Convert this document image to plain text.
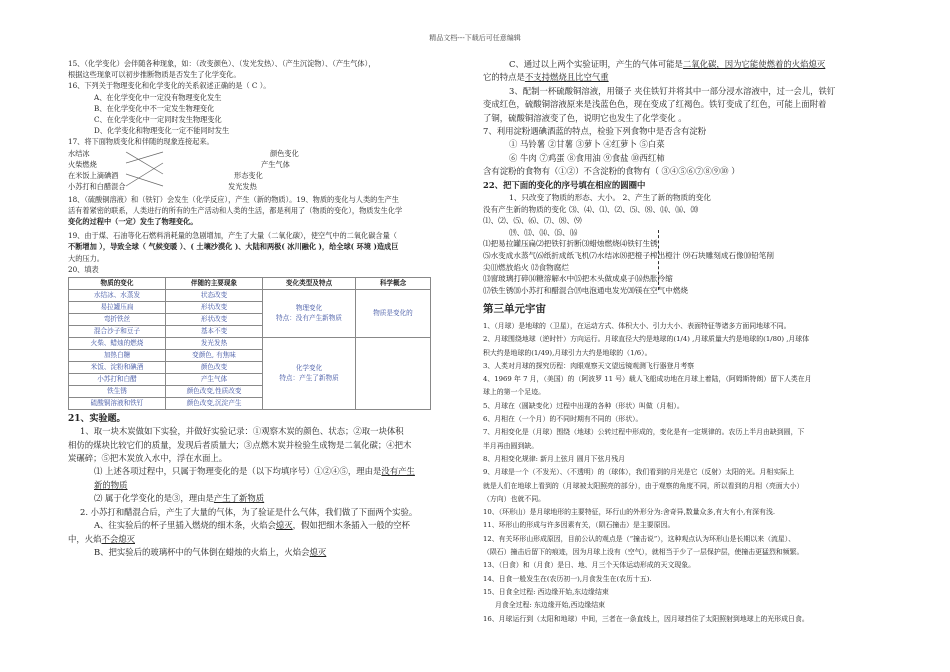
精品文档---下载后可任意编辑
15、（化学变化）会伴随各种现象，如：（改变颜色）、（发光发热）、（产生沉淀物）、（产生气体），
根据这些现象可以初步推断物质是否发生了化学变化。
16、下列关于物理变化和化学变化的关系叙述正确的是（ C ）。
A、在化学变化中一定没有物理变化发生
B、在化学变化中不一定发生物理变化
C、在化学变化中一定同时发生物理变化
D、化学变化和物理变化一定不能同时发生
17、将下面物质变化和伴随的现象连接起来。
水结冰
火柴燃烧
在米饭上滴碘酒
小苏打和白醋混合
颜色变化
产生气体
形态变化
发光发热
18、（硫酸铜溶液）和（铁钉）会发生（化学反应），产生（新的物质）。19、物质的变化与人类的生产生
活有着紧密的联系，人类进行的所有的生产活动和人类的生活，都是利用了（物质的变化），物质发生化学
变化的过程中（一定）发生了物理变化。
19、由于煤、石油等化石燃料消耗量的急剧增加，产生了大量（二氧化碳），使空气中的二氧化碳含量（
不断增加 ），导致全球（ 气候变暖 ）、( 土壤沙漠化 )、大陆和两极( 冰川融化 )，给全球( 环境 )造成巨
大的压力。
20、填表
物质的变化	伴随的主要现象	变化类型及特点	科学概念
水结冰、水蒸发	状态改变	物理变化
特点：没有产生新物质	物质是变化的
易拉罐压扁	形状改变		
弯折铁丝	形状改变		
混合沙子和豆子	基本不变		
火柴、蜡烛的燃烧	发光发热	化学变化
特点：产生了新物质	

加热白糖	变颜色, 有焦味		
米饭、淀粉和碘酒	颜色改变		
小苏打和白醋	产生气体		
铁生锈	颜色改变,性质改变		
硫酸铜溶液和铁钉	颜色改变,沉淀产生		
21、实验题。
1、取一块木炭做如下实验，并做好实验记录：①观察木炭的颜色、状态；②取一块体积
相仿的煤块比较它们的质量，发现后者质量大；③点燃木炭并检验生成物是二氧化碳；④把木
炭碾碎；⑤把木炭放入水中，浮在水面上。
⑴ 上述各项过程中，只属于物理变化的是（以下均填序号）①②④⑤，理由是没有产生
新的物质
⑵ 属于化学变化的是③，理由是产生了新物质
2. 小苏打和醋混合后，产生了大量的气体，为了验证是什么气体，我们做了下面两个实验。
A、往实验后的杯子里插入燃烧的细木条，火焰会熄灭，假如把细木条插入一般的空杯
中，火焰不会熄灭
B、把实验后的玻璃杯中的气体倒在蜡烛的火焰上，火焰会熄灭
C、通过以上两个实验证明，产生的气体可能是二氧化碳，因为它能使燃着的火焰熄灭
它的特点是不支持燃烧且比空气重
3、配制一杯硫酸铜溶液，用镊子 夹住铁钉并将其中一部分浸水溶液中，过一会儿，铁钉
变成红色，硫酸铜溶液原来是浅蓝色色，现在变成了红褐色。铁钉变成了红色，可能上面附着
了铜，硫酸铜溶液变了色，说明它也发生了化学变化 。
7、利用淀粉遇碘酒蓝的特点，检验下列食物中是否含有淀粉
① 马铃薯 ②甘薯 ③萝卜 ④红萝卜 ⑤白菜
⑥ 牛肉 ⑦鸡蛋 ⑧食用油 ⑨食盐 ⑩西红柿
含有淀粉的食物有（①②）不含淀粉的食物有（ ③④⑤⑥⑦⑧⑨⑩ ）
22、把下面的变化的序号填在相应的圆圈中
1、只改变了物质的形态、大小。 2、产生了新的物质的变化
没有产生新的物质的变化 ⑶、⑷、⑴、⑵、⑸、⑻、⒁、⒃、⒇
⑴、⑵、⑸、⑹、⑺、⑻、⑼
⒆、⒀、⒁、⒂、⒃
⑴把易拉罐压扁⑵把铁钉折断⑶蜡烛燃烧⑷铁钉生锈
⑸水变成水蒸气⑹纸折成纸飞机⑺水结冰⑻把橙子榨出橙汁 ⑼石块雕刻成石像⑽铅笔削
尖⑾燃放焰火 ⑿食物腐烂
⒀窗玻璃打碎⒁糖溶解水中⒂把木头做成桌子⒃热胀冷缩
⒄铁生锈⒅小苏打和醋混合⒆电泡通电发光⒇镁在空气中燃烧
第三单元宇宙
1、（月球）是地球的（卫星），在运动方式、体积大小、引力大小、表面特征等诸多方面同地球不同。
2、月球围绕地球（逆时针）方向运行。月球直径大约是地球的(1/4) ,月球质量大约是地球的(1/80) ,月球体
积大约是地球的(1/49),月球引力大约是地球的（1/6）。
3、人类对月球的探究历程：肉眼观察天文望远镜观测飞行器登月考察
4、1969 年 7 月，（美国）的（阿波罗 11 号）载人飞船成功地在月球上着陆，（阿姆斯特朗）留下人类在月
球上的第一个足迹。
5、月球在（圆缺变化）过程中出现的各种（形状）叫做（月相）。
6、月相在（一个月）的不同时期有不同的（形状）。
7、月相变化是（月球）围绕（地球）公转过程中形成的，变化是有一定规律的。农历上半月由缺到圆，下
半月再由圆到缺。
8、月相变化规律: 新月上弦月 圆月下弦月残月
9、月球是一个（不发光）、（不透明）的（球体），我们看到的月光是它（反射）太阳的光。月相实际上
就是人们在地球上看到的（月球被太阳照亮的部分），由于观察的角度不同，所以看到的月相（亮面大小）
（方向）也就不同。
10、（环形山）是月球地形的主要特征，环行山的外形分为:舍奇异,数量众多,有大有小,有深有浅.
11、环形山的形成与许多因素有关，（陨石撞击）是主要原因。
12、有关环形山形成原因，目前公认的观点是（“撞击说”），这种观点认为环形山是长期以来（流星）、
（陨石）撞击后留下的痕迹，因为月球上没有（空气），就相当于少了一层保护层，使撞击更猛烈和频繁。
13、（日食）和（月食）是日、地、月三个天体运动形成的天文现象。
14、日食一般发生在(农历初一),月食发生在(农历十五).
15、日食全过程: 西边缘开始,东边缘结束
月食全过程: 东边缘开始,西边缘结束
16、月球运行到（太阳和地球）中间，三者在一条直线上，因月球挡住了太阳照射到地球上的光形成日食。
